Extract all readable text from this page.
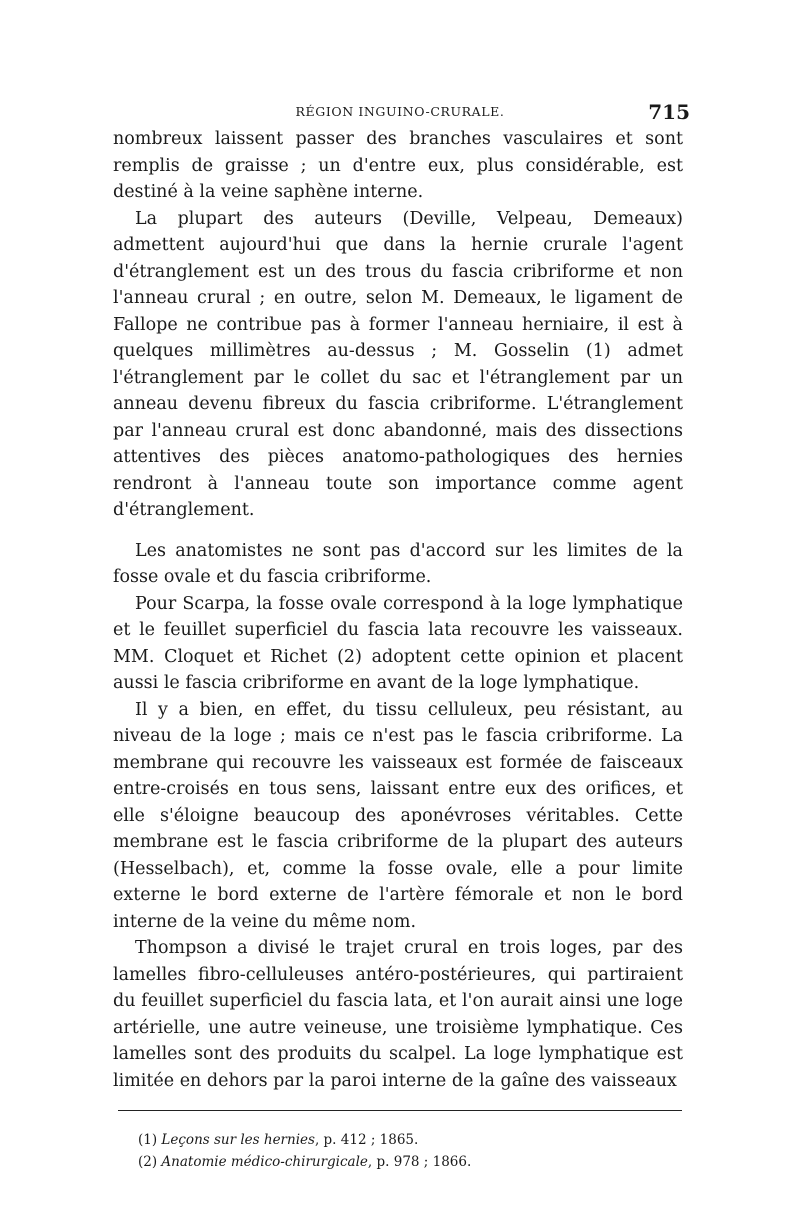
RÉGION INGUINO-CRURALE.	715

nombreux laissent passer des branches vasculaires et sont remplis de graisse ; un d'entre eux, plus considérable, est destiné à la veine saphène interne.

La plupart des auteurs (Deville, Velpeau, Demeaux) admettent aujourd'hui que dans la hernie crurale l'agent d'étranglement est un des trous du fascia cribriforme et non l'anneau crural ; en outre, selon M. Demeaux, le ligament de Fallope ne contribue pas à former l'anneau herniaire, il est à quelques millimètres au-dessus ; M. Gosselin (1) admet l'étranglement par le collet du sac et l'étranglement par un anneau devenu fibreux du fascia cribriforme. L'étranglement par l'anneau crural est donc abandonné, mais des dissections attentives des pièces anatomo-pathologiques des hernies rendront à l'anneau toute son importance comme agent d'étranglement.

Les anatomistes ne sont pas d'accord sur les limites de la fosse ovale et du fascia cribriforme.

Pour Scarpa, la fosse ovale correspond à la loge lymphatique et le feuillet superficiel du fascia lata recouvre les vaisseaux. MM. Cloquet et Richet (2) adoptent cette opinion et placent aussi le fascia cribriforme en avant de la loge lymphatique.

Il y a bien, en effet, du tissu celluleux, peu résistant, au niveau de la loge ; mais ce n'est pas le fascia cribriforme. La membrane qui recouvre les vaisseaux est formée de faisceaux entre-croisés en tous sens, laissant entre eux des orifices, et elle s'éloigne beaucoup des aponévroses véritables. Cette membrane est le fascia cribriforme de la plupart des auteurs (Hesselbach), et, comme la fosse ovale, elle a pour limite externe le bord externe de l'artère fémorale et non le bord interne de la veine du même nom.

Thompson a divisé le trajet crural en trois loges, par des lamelles fibro-celluleuses antéro-postérieures, qui partiraient du feuillet superficiel du fascia lata, et l'on aurait ainsi une loge artérielle, une autre veineuse, une troisième lymphatique. Ces lamelles sont des produits du scalpel. La loge lymphatique est limitée en dehors par la paroi interne de la gaîne des vaisseaux

(1) Leçons sur les hernies, p. 412 ; 1865.

(2) Anatomie médico-chirurgicale, p. 978 ; 1866.
